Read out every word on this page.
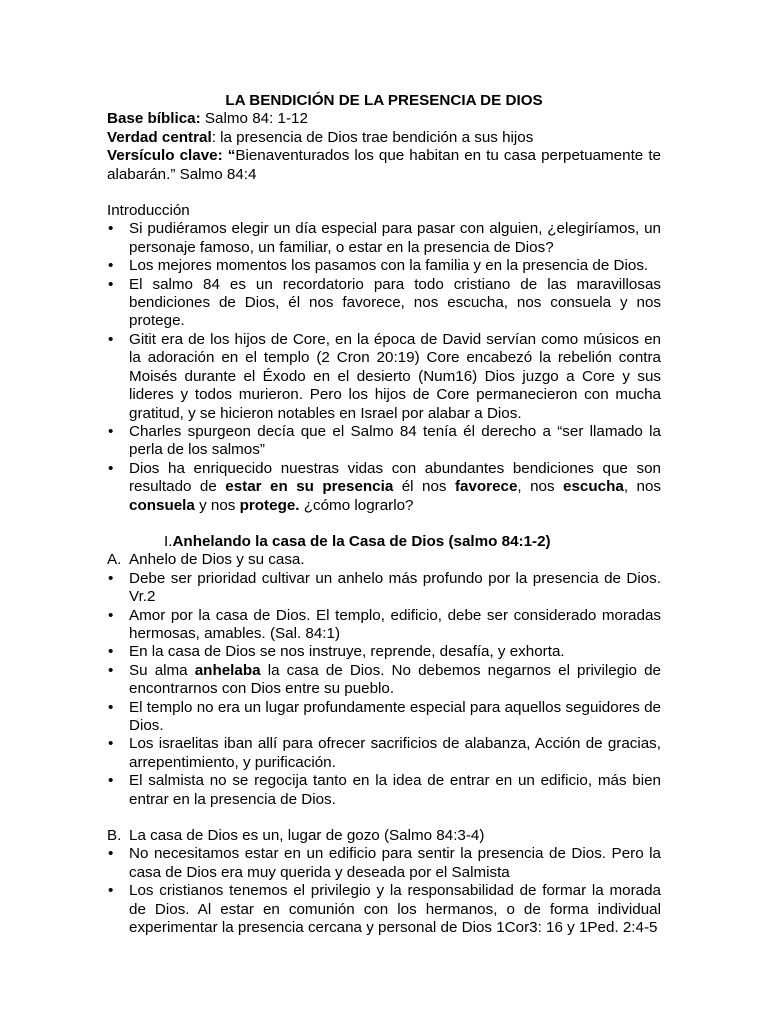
LA BENDICIÓN DE LA PRESENCIA DE DIOS

Base bíblica: Salmo 84: 1-12

Verdad central: la presencia de Dios trae bendición a sus hijos

Versículo clave: “Bienaventurados los que habitan en tu casa perpetuamente te alabarán.” Salmo 84:4

Introducción

• Si pudiéramos elegir un día especial para pasar con alguien, ¿elegiríamos, un personaje famoso, un familiar, o estar en la presencia de Dios?
• Los mejores momentos los pasamos con la familia y en la presencia de Dios.
• El salmo 84 es un recordatorio para todo cristiano de las maravillosas bendiciones de Dios, él nos favorece, nos escucha, nos consuela y nos protege.
• Gitit era de los hijos de Core, en la época de David servían como músicos en la adoración en el templo (2 Cron 20:19) Core encabezó la rebelión contra Moisés durante el Éxodo en el desierto (Num16) Dios juzgo a Core y sus lideres y todos murieron. Pero los hijos de Core permanecieron con mucha gratitud, y se hicieron notables en Israel por alabar a Dios.
• Charles spurgeon decía que el Salmo 84 tenía él derecho a “ser llamado la perla de los salmos”
• Dios ha enriquecido nuestras vidas con abundantes bendiciones que son resultado de estar en su presencia él nos favorece, nos escucha, nos consuela y nos protege. ¿cómo lograrlo?

I.Anhelando la casa de la Casa de Dios (salmo 84:1-2)

A. Anhelo de Dios y su casa.

• Debe ser prioridad cultivar un anhelo más profundo por la presencia de Dios. Vr.2
• Amor por la casa de Dios. El templo, edificio, debe ser considerado moradas hermosas, amables. (Sal. 84:1)
• En la casa de Dios se nos instruye, reprende, desafía, y exhorta.
• Su alma anhelaba la casa de Dios. No debemos negarnos el privilegio de encontrarnos con Dios entre su pueblo.
• El templo no era un lugar profundamente especial para aquellos seguidores de Dios.
• Los israelitas iban allí para ofrecer sacrificios de alabanza, Acción de gracias, arrepentimiento, y purificación.
• El salmista no se regocija tanto en la idea de entrar en un edificio, más bien entrar en la presencia de Dios.

B. La casa de Dios es un, lugar de gozo (Salmo 84:3-4)

• No necesitamos estar en un edificio para sentir la presencia de Dios. Pero la casa de Dios era muy querida y deseada por el Salmista
• Los cristianos tenemos el privilegio y la responsabilidad de formar la morada de Dios. Al estar en comunión con los hermanos, o de forma individual experimentar la presencia cercana y personal de Dios 1Cor3: 16 y 1Ped. 2:4-5
